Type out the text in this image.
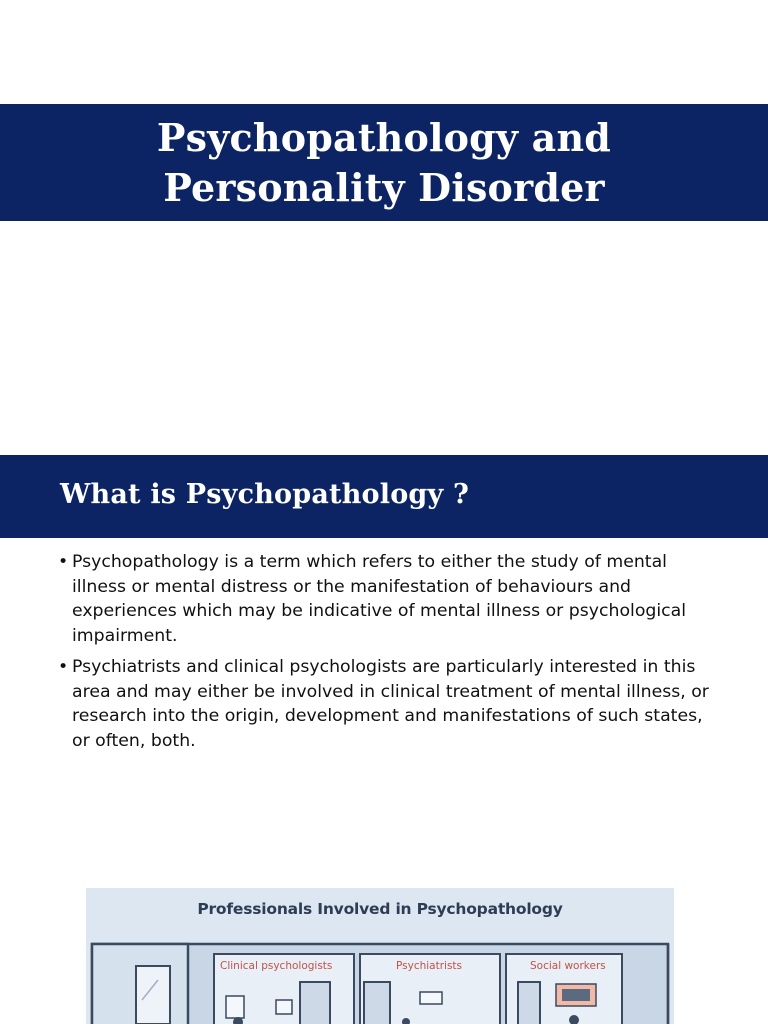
Psychopathology and
Personality Disorder
What is Psychopathology ?
• Psychopathology is a term which refers to either the study of mental illness or mental distress or the manifestation of behaviours and experiences which may be indicative of mental illness or psychological impairment.
• Psychiatrists and clinical psychologists are particularly interested in this area and may either be involved in clinical treatment of mental illness, or research into the origin, development and manifestations of such states, or often, both.
Professionals Involved in Psychopathology
Clinical psychologists	Psychiatrists	Social workers
